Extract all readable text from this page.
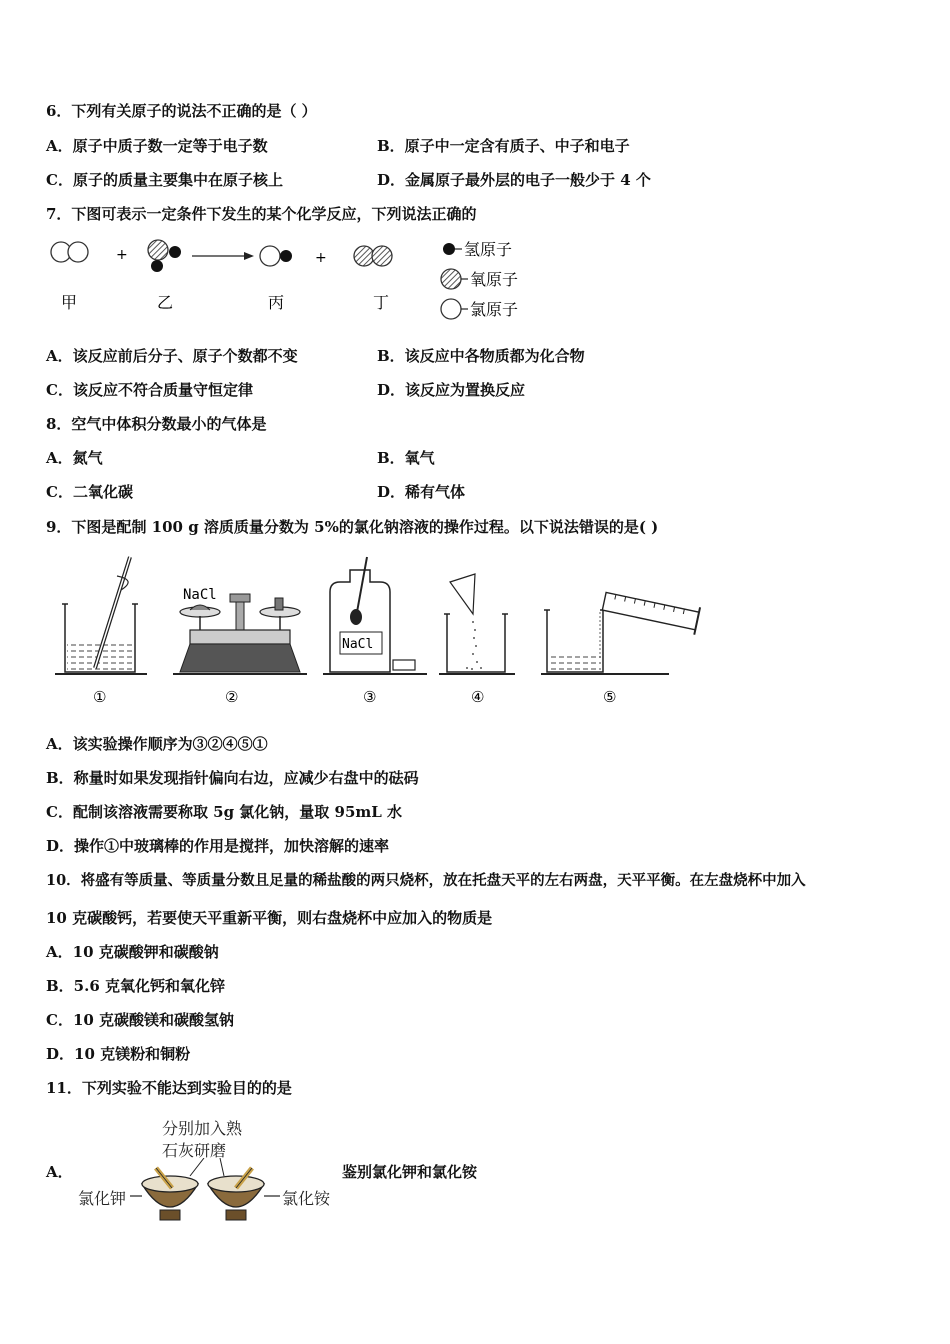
6．下列有关原子的说法不正确的是（ ）
A．原子中质子数一定等于电子数	B．原子中一定含有质子、中子和电子
C．原子的质量主要集中在原子核上	D．金属原子最外层的电子一般少于 4 个
7．下图可表示一定条件下发生的某个化学反应，下列说法正确的
+	+
甲	乙	丙	丁
氢原子
氧原子
氯原子
A．该反应前后分子、原子个数都不变	B．该反应中各物质都为化合物
C．该反应不符合质量守恒定律	D．该反应为置换反应
8．空气中体积分数最小的气体是
A．氮气	B．氧气
C．二氧化碳	D．稀有气体
9．下图是配制 100 g 溶质质量分数为 5%的氯化钠溶液的操作过程。以下说法错误的是( )
NaCl
NaCl
①	②	③	④	⑤
A．该实验操作顺序为③②④⑤①
B．称量时如果发现指针偏向右边，应减少右盘中的砝码
C．配制该溶液需要称取 5g 氯化钠，量取 95mL 水
D．操作①中玻璃棒的作用是搅拌，加快溶解的速率
10．将盛有等质量、等质量分数且足量的稀盐酸的两只烧杯，放在托盘天平的左右两盘，天平平衡。在左盘烧杯中加入
10 克碳酸钙，若要使天平重新平衡，则右盘烧杯中应加入的物质是
A．10 克碳酸钾和碳酸钠
B．5.6 克氧化钙和氧化锌
C．10 克碳酸镁和碳酸氢钠
D．10 克镁粉和铜粉
11．下列实验不能达到实验目的的是
分别加入熟
石灰研磨
A．
氯化钾	氯化铵
鉴别氯化钾和氯化铵
